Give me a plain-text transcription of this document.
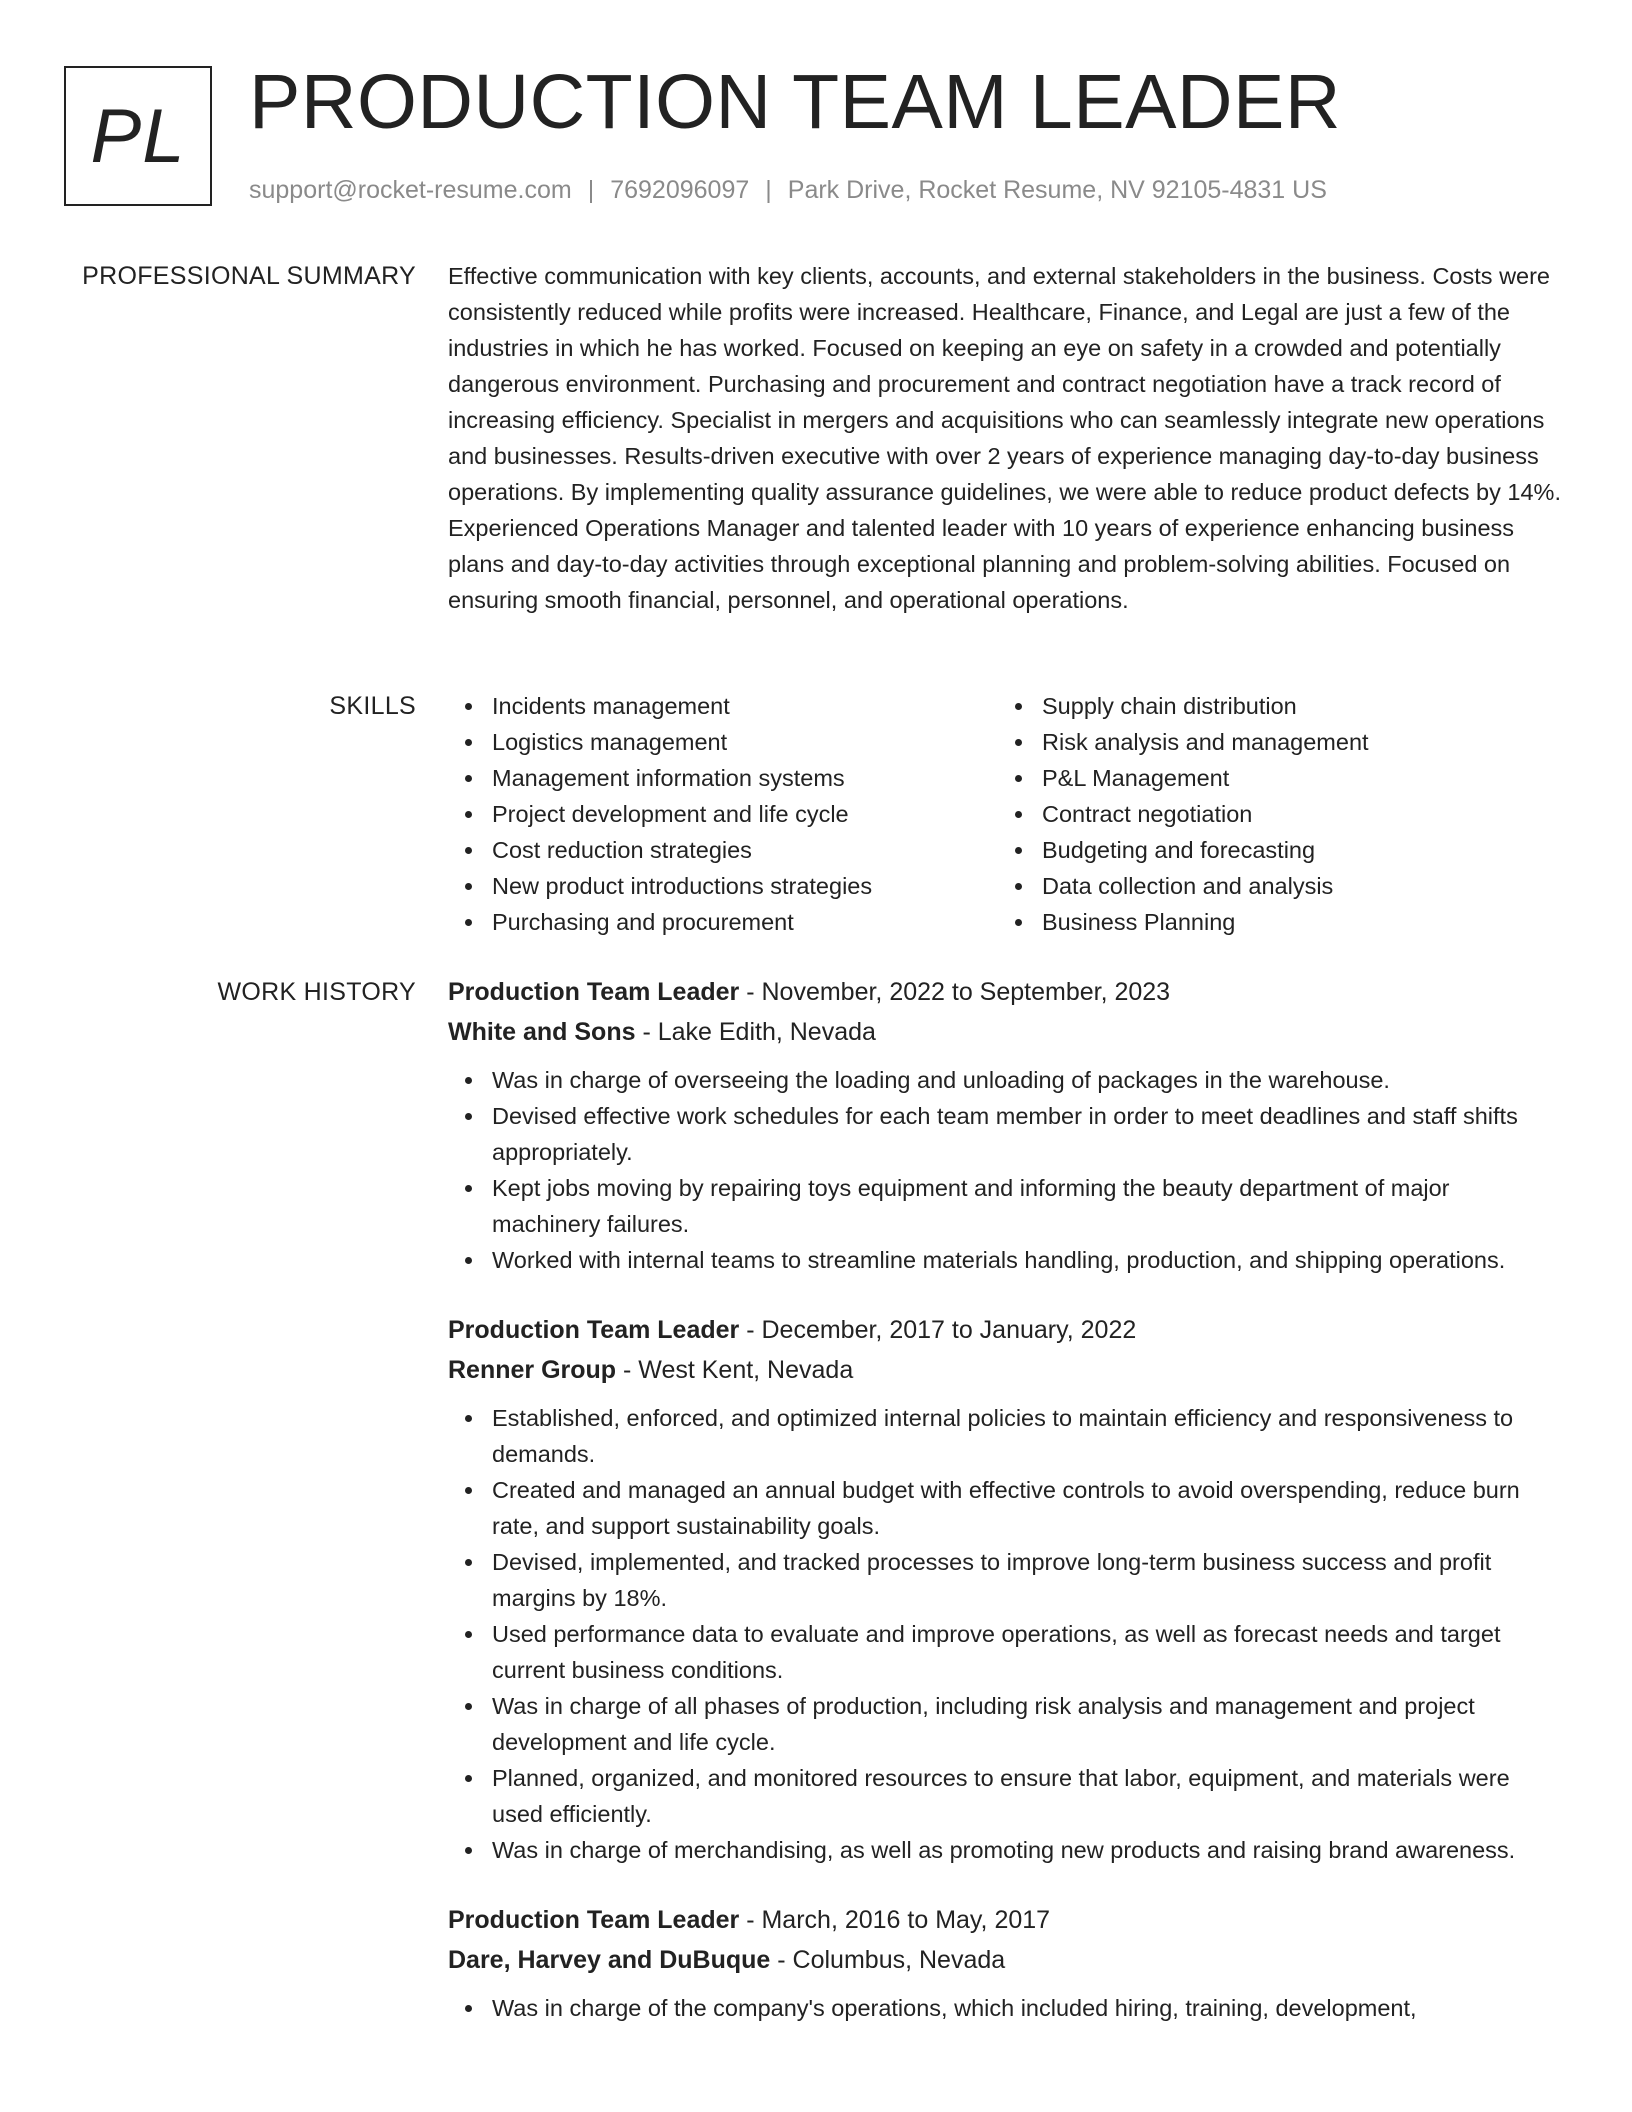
PL PRODUCTION TEAM LEADER
support@rocket-resume.com | 7692096097 | Park Drive, Rocket Resume, NV 92105-4831 US
PROFESSIONAL SUMMARY Effective communication with key clients, accounts, and external stakeholders in the business. Costs were consistently reduced while profits were increased. Healthcare, Finance, and Legal are just a few of the industries in which he has worked. Focused on keeping an eye on safety in a crowded and potentially dangerous environment. Purchasing and procurement and contract negotiation have a track record of increasing efficiency. Specialist in mergers and acquisitions who can seamlessly integrate new operations and businesses. Results-driven executive with over 2 years of experience managing day-to-day business operations. By implementing quality assurance guidelines, we were able to reduce product defects by 14%. Experienced Operations Manager and talented leader with 10 years of experience enhancing business plans and day-to-day activities through exceptional planning and problem-solving abilities. Focused on ensuring smooth financial, personnel, and operational operations.

SKILLS	Incidents management
Logistics management
Management information systems
Project development and life cycle
Cost reduction strategies
New product introductions strategies
Purchasing and procurement
Supply chain distribution
Risk analysis and management
P&L Management
Contract negotiation
Budgeting and forecasting
Data collection and analysis
Business Planning
WORK HISTORY Production Team Leader - November, 2022 to September, 2023
White and Sons - Lake Edith, Nevada
Was in charge of overseeing the loading and unloading of packages in the warehouse.
Devised effective work schedules for each team member in order to meet deadlines and staff shifts appropriately.
Kept jobs moving by repairing toys equipment and informing the beauty department of major machinery failures.
Worked with internal teams to streamline materials handling, production, and shipping operations.
Production Team Leader - December, 2017 to January, 2022
Renner Group - West Kent, Nevada
Established, enforced, and optimized internal policies to maintain efficiency and responsiveness to demands.
Created and managed an annual budget with effective controls to avoid overspending, reduce burn rate, and support sustainability goals.
Devised, implemented, and tracked processes to improve long-term business success and profit margins by 18%.
Used performance data to evaluate and improve operations, as well as forecast needs and target current business conditions.
Was in charge of all phases of production, including risk analysis and management and project development and life cycle.
Planned, organized, and monitored resources to ensure that labor, equipment, and materials were used efficiently.
Was in charge of merchandising, as well as promoting new products and raising brand awareness.
Production Team Leader - March, 2016 to May, 2017
Dare, Harvey and DuBuque - Columbus, Nevada
Was in charge of the company's operations, which included hiring, training, development,
